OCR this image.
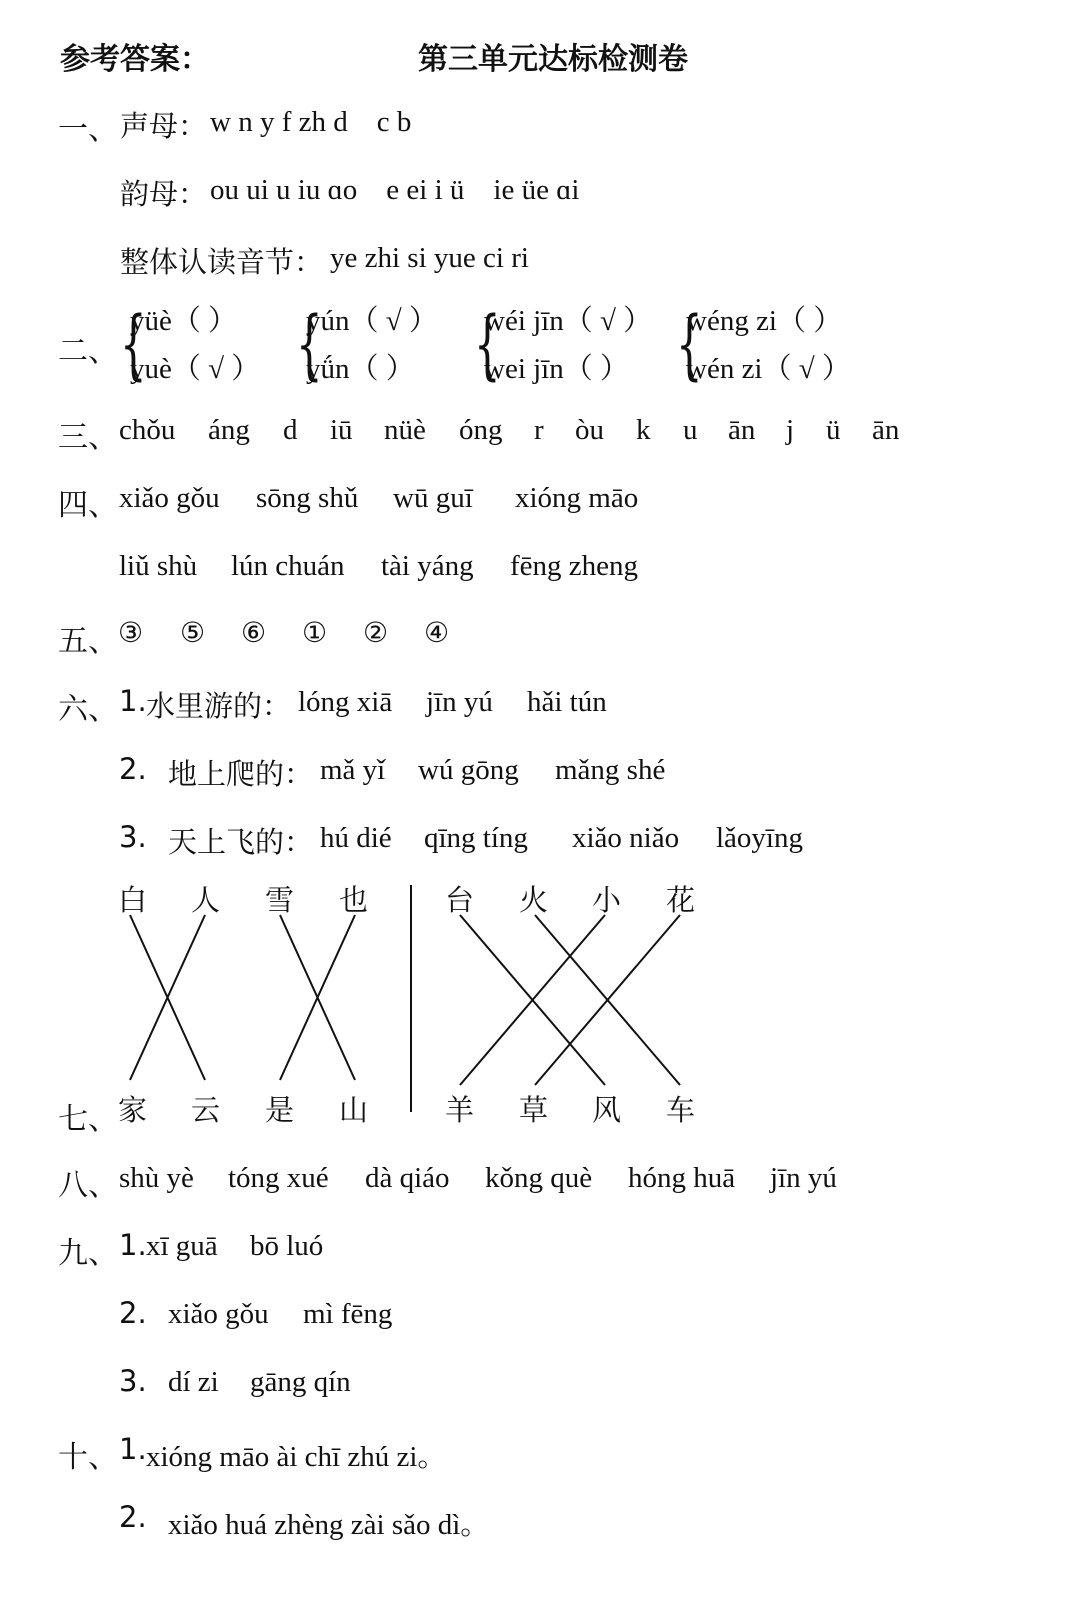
参考答案：	第三单元达标检测卷
一、 声母： w n y f zh d    c b
韵母： ou ui u iu ɑo    e ei i ü    ie üe ɑi
整体认读音节： ye zhi si yue ci ri
二、 {
yüè（ ）
yuè（ √ ） {
yún（ √ ）
yǘn（ ） {
wéi jīn（ √ ）
wei jīn（ ） {
wéng zi（ ）
wén zi（ √ ）
三、 chǒu áng d iū nüè óng r òu k u ān j ü ān
四、 xiǎo gǒu sōng shǔ wū guī xióng māo
liǔ shù lún chuán tài yáng fēng zheng
五、 ③ ⑤ ⑥ ① ② ④
六、 1. 水里游的： lóng xiā jīn yú hǎi tún
2. 地上爬的： mǎ yǐ wú gōng mǎng shé
3. 天上飞的： hú dié qīng tíng xiǎo niǎo lǎoyīng
白 人 雪 也	台 火 小 花
七、 家 云 是 山	羊 草 风 车
八、 shù yè tóng xué dà qiáo kǒng què hóng huā jīn yú
九、 1. xī guā bō luó
2. xiǎo gǒu mì fēng
3. dí zi gāng qín
十、 1. xióng māo ài chī zhú zi。
2. xiǎo huá zhèng zài sǎo dì。
